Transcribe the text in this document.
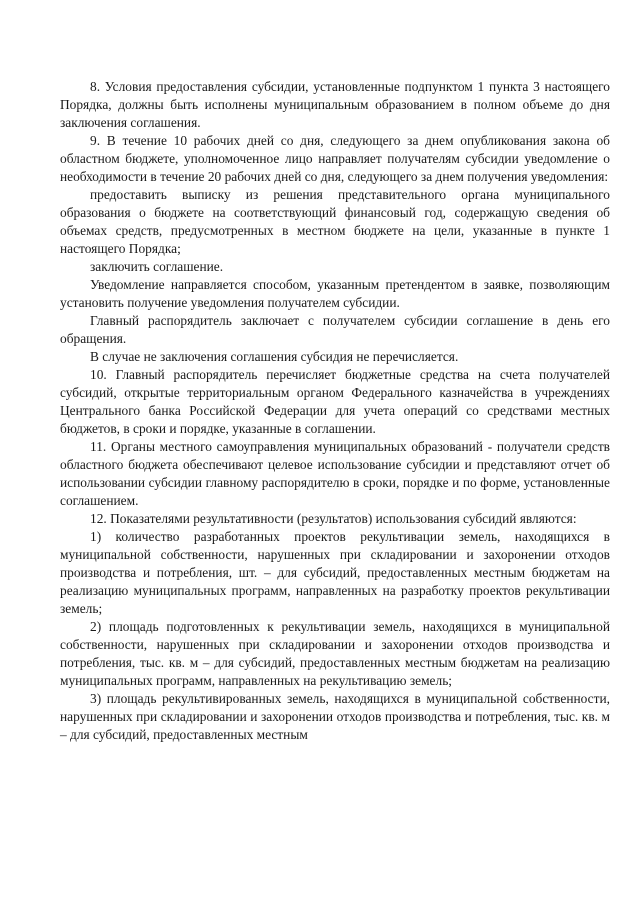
8. Условия предоставления субсидии, установленные подпунктом 1 пункта 3 настоящего Порядка, должны быть исполнены муниципальным образованием в полном объеме до дня заключения соглашения.

9. В течение 10 рабочих дней со дня, следующего за днем опубликования закона об областном бюджете, уполномоченное лицо направляет получателям субсидии уведомление о необходимости в течение 20 рабочих дней со дня, следующего за днем получения уведомления:

предоставить выписку из решения представительного органа муниципального образования о бюджете на соответствующий финансовый год, содержащую сведения об объемах средств, предусмотренных в местном бюджете на цели, указанные в пункте 1 настоящего Порядка;

заключить соглашение.

Уведомление направляется способом, указанным претендентом в заявке, позволяющим установить получение уведомления получателем субсидии.

Главный распорядитель заключает с получателем субсидии соглашение в день его обращения.

В случае не заключения соглашения субсидия не перечисляется.

10. Главный распорядитель перечисляет бюджетные средства на счета получателей субсидий, открытые территориальным органом Федерального казначейства в учреждениях Центрального банка Российской Федерации для учета операций со средствами местных бюджетов, в сроки и порядке, указанные в соглашении.

11. Органы местного самоуправления муниципальных образований - получатели средств областного бюджета обеспечивают целевое использование субсидии и представляют отчет об использовании субсидии главному распорядителю в сроки, порядке и по форме, установленные соглашением.

12. Показателями результативности (результатов) использования субсидий являются:

1) количество разработанных проектов рекультивации земель, находящихся в муниципальной собственности, нарушенных при складировании и захоронении отходов производства и потребления, шт. – для субсидий, предоставленных местным бюджетам на реализацию муниципальных программ, направленных на разработку проектов рекультивации земель;

2) площадь подготовленных к рекультивации земель, находящихся в муниципальной собственности, нарушенных при складировании и захоронении отходов производства и потребления, тыс. кв. м – для субсидий, предоставленных местным бюджетам на реализацию муниципальных программ, направленных на рекультивацию земель;

3) площадь рекультивированных земель, находящихся в муниципальной собственности, нарушенных при складировании и захоронении отходов производства и потребления, тыс. кв. м – для субсидий, предоставленных местным
